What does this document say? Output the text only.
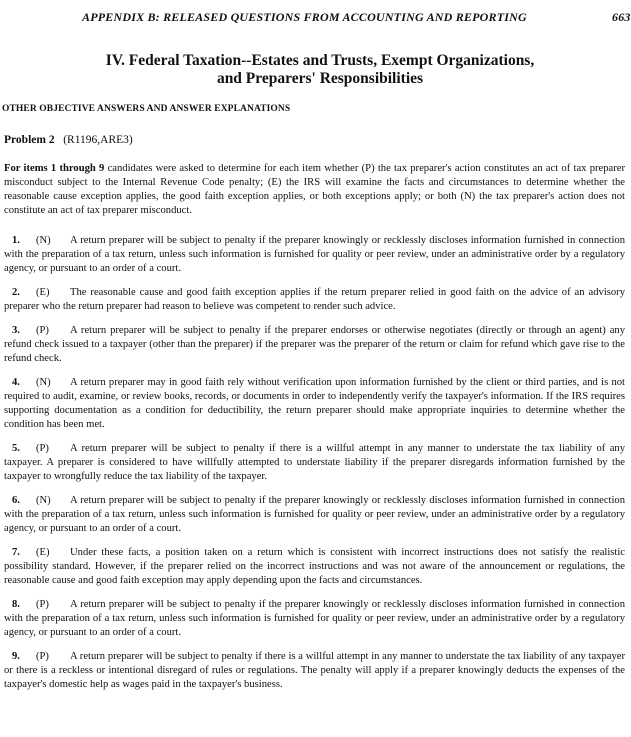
APPENDIX B: RELEASED QUESTIONS FROM ACCOUNTING AND REPORTING	663
IV. Federal Taxation--Estates and Trusts, Exempt Organizations,
and Preparers' Responsibilities
OTHER OBJECTIVE ANSWERS AND ANSWER EXPLANATIONS
Problem 2 (R1196,ARE3)
For items 1 through 9 candidates were asked to determine for each item whether (P) the tax preparer's action constitutes an act of tax preparer misconduct subject to the Internal Revenue Code penalty; (E) the IRS will examine the facts and circumstances to determine whether the reasonable cause exception applies, the good faith exception applies, or both exceptions apply; or both (N) the tax preparer's action does not constitute an act of tax preparer misconduct.
1. (N) A return preparer will be subject to penalty if the preparer knowingly or recklessly discloses information furnished in connection with the preparation of a tax return, unless such information is furnished for quality or peer review, under an administrative order by a regulatory agency, or pursuant to an order of a court.
2. (E) The reasonable cause and good faith exception applies if the return preparer relied in good faith on the advice of an advisory preparer who the return preparer had reason to believe was competent to render such advice.
3. (P) A return preparer will be subject to penalty if the preparer endorses or otherwise negotiates (directly or through an agent) any refund check issued to a taxpayer (other than the preparer) if the preparer was the preparer of the return or claim for refund which gave rise to the refund check.
4. (N) A return preparer may in good faith rely without verification upon information furnished by the client or third parties, and is not required to audit, examine, or review books, records, or documents in order to independently verify the taxpayer's information. If the IRS requires supporting documentation as a condition for deductibility, the return preparer should make appropriate inquiries to determine whether the condition has been met.
5. (P) A return preparer will be subject to penalty if there is a willful attempt in any manner to understate the tax liability of any taxpayer. A preparer is considered to have willfully attempted to understate liability if the preparer disregards information furnished by the taxpayer to wrongfully reduce the tax liability of the taxpayer.
6. (N) A return preparer will be subject to penalty if the preparer knowingly or recklessly discloses information furnished in connection with the preparation of a tax return, unless such information is furnished for quality or peer review, under an administrative order by a regulatory agency, or pursuant to an order of a court.
7. (E) Under these facts, a position taken on a return which is consistent with incorrect instructions does not satisfy the realistic possibility standard. However, if the preparer relied on the incorrect instructions and was not aware of the announcement or regulations, the reasonable cause and good faith exception may apply depending upon the facts and circumstances.
8. (P) A return preparer will be subject to penalty if the preparer knowingly or recklessly discloses information furnished in connection with the preparation of a tax return, unless such information is furnished for quality or peer review, under an administrative order by a regulatory agency, or pursuant to an order of a court.
9. (P) A return preparer will be subject to penalty if there is a willful attempt in any manner to understate the tax liability of any taxpayer or there is a reckless or intentional disregard of rules or regulations. The penalty will apply if a preparer knowingly deducts the expenses of the taxpayer's domestic help as wages paid in the taxpayer's business.
